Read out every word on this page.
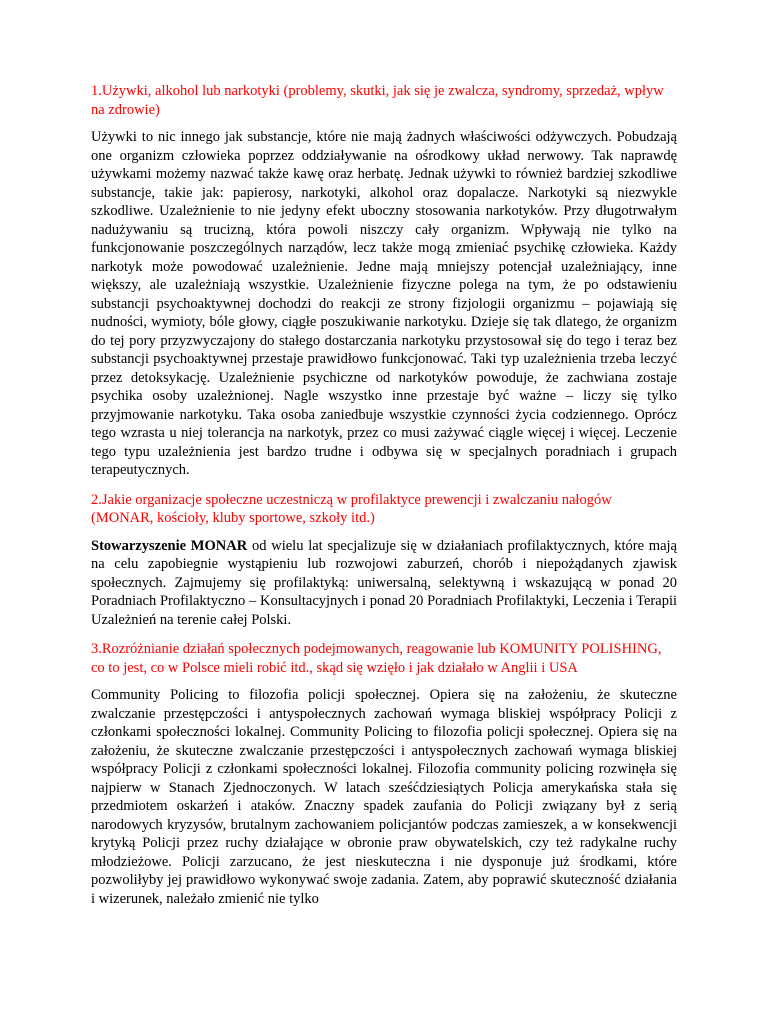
1.Używki, alkohol lub narkotyki (problemy, skutki, jak się je zwalcza, syndromy, sprzedaż, wpływ na zdrowie)
Używki to nic innego jak substancje, które nie mają żadnych właściwości odżywczych. Pobudzają one organizm człowieka poprzez oddziaływanie na ośrodkowy układ nerwowy. Tak naprawdę używkami możemy nazwać także kawę oraz herbatę. Jednak używki to również bardziej szkodliwe substancje, takie jak: papierosy, narkotyki, alkohol oraz dopalacze. Narkotyki są niezwykle szkodliwe. Uzależnienie to nie jedyny efekt uboczny stosowania narkotyków. Przy długotrwałym nadużywaniu są trucizną, która powoli niszczy cały organizm. Wpływają nie tylko na funkcjonowanie poszczególnych narządów, lecz także mogą zmieniać psychikę człowieka. Każdy narkotyk może powodować uzależnienie. Jedne mają mniejszy potencjał uzależniający, inne większy, ale uzależniają wszystkie. Uzależnienie fizyczne polega na tym, że po odstawieniu substancji psychoaktywnej dochodzi do reakcji ze strony fizjologii organizmu – pojawiają się nudności, wymioty, bóle głowy, ciągłe poszukiwanie narkotyku. Dzieje się tak dlatego, że organizm do tej pory przyzwyczajony do stałego dostarczania narkotyku przystosował się do tego i teraz bez substancji psychoaktywnej przestaje prawidłowo funkcjonować. Taki typ uzależnienia trzeba leczyć przez detoksykację. Uzależnienie psychiczne od narkotyków powoduje, że zachwiana zostaje psychika osoby uzależnionej. Nagle wszystko inne przestaje być ważne – liczy się tylko przyjmowanie narkotyku. Taka osoba zaniedbuje wszystkie czynności życia codziennego. Oprócz tego wzrasta u niej tolerancja na narkotyk, przez co musi zażywać ciągle więcej i więcej. Leczenie tego typu uzależnienia jest bardzo trudne i odbywa się w specjalnych poradniach i grupach terapeutycznych.
2.Jakie organizacje społeczne uczestniczą w profilaktyce prewencji i zwalczaniu nałogów (MONAR, kościoły, kluby sportowe, szkoły itd.)
Stowarzyszenie MONAR od wielu lat specjalizuje się w działaniach profilaktycznych, które mają na celu zapobiegnie wystąpieniu lub rozwojowi zaburzeń, chorób i niepożądanych zjawisk społecznych. Zajmujemy się profilaktyką: uniwersalną, selektywną i wskazującą w ponad 20 Poradniach Profilaktyczno – Konsultacyjnych i ponad 20 Poradniach Profilaktyki, Leczenia i Terapii Uzależnień na terenie całej Polski.
3.Rozróżnianie działań społecznych podejmowanych, reagowanie lub KOMUNITY POLISHING, co to jest, co w Polsce mieli robić itd., skąd się wzięło i jak działało w Anglii i USA
Community Policing to filozofia policji społecznej. Opiera się na założeniu, że skuteczne zwalczanie przestępczości i antyspołecznych zachowań wymaga bliskiej współpracy Policji z członkami społeczności lokalnej. Community Policing to filozofia policji społecznej. Opiera się na założeniu, że skuteczne zwalczanie przestępczości i antyspołecznych zachowań wymaga bliskiej współpracy Policji z członkami społeczności lokalnej. Filozofia community policing rozwinęła się najpierw w Stanach Zjednoczonych. W latach sześćdziesiątych Policja amerykańska stała się przedmiotem oskarżeń i ataków. Znaczny spadek zaufania do Policji związany był z serią narodowych kryzysów, brutalnym zachowaniem policjantów podczas zamieszek, a w konsekwencji krytyką Policji przez ruchy działające w obronie praw obywatelskich, czy też radykalne ruchy młodzieżowe. Policji zarzucano, że jest nieskuteczna i nie dysponuje już środkami, które pozwoliłyby jej prawidłowo wykonywać swoje zadania. Zatem, aby poprawić skuteczność działania i wizerunek, należało zmienić nie tylko
